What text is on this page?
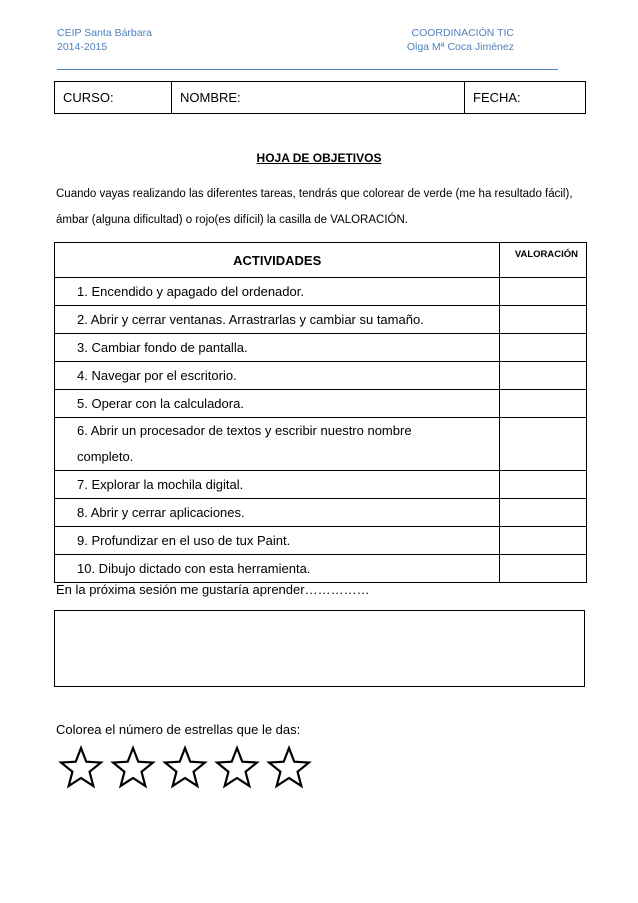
CEIP Santa Bárbara
2014-2015
COORDINACIÓN TIC
Olga Mª Coca Jiménez
CURSO:	NOMBRE:	FECHA:
HOJA DE OBJETIVOS
Cuando vayas realizando las diferentes tareas, tendrás que colorear de verde (me ha resultado fácil), ámbar (alguna dificultad) o rojo(es difícil) la casilla de VALORACIÓN.
ACTIVIDADES	VALORACIÓN
1. Encendido y apagado del ordenador.	
2. Abrir y cerrar ventanas. Arrastrarlas y cambiar su tamaño.	
3. Cambiar fondo de pantalla.	
4. Navegar por el escritorio.	
5. Operar con la calculadora.	
6. Abrir un procesador de textos y escribir nuestro nombre completo.	
7. Explorar la mochila digital.	
8. Abrir y cerrar aplicaciones.	
9. Profundizar en el uso de tux Paint.	
10. Dibujo dictado con esta herramienta.	
En la próxima sesión me gustaría aprender……………
Colorea el número de estrellas que le das:
